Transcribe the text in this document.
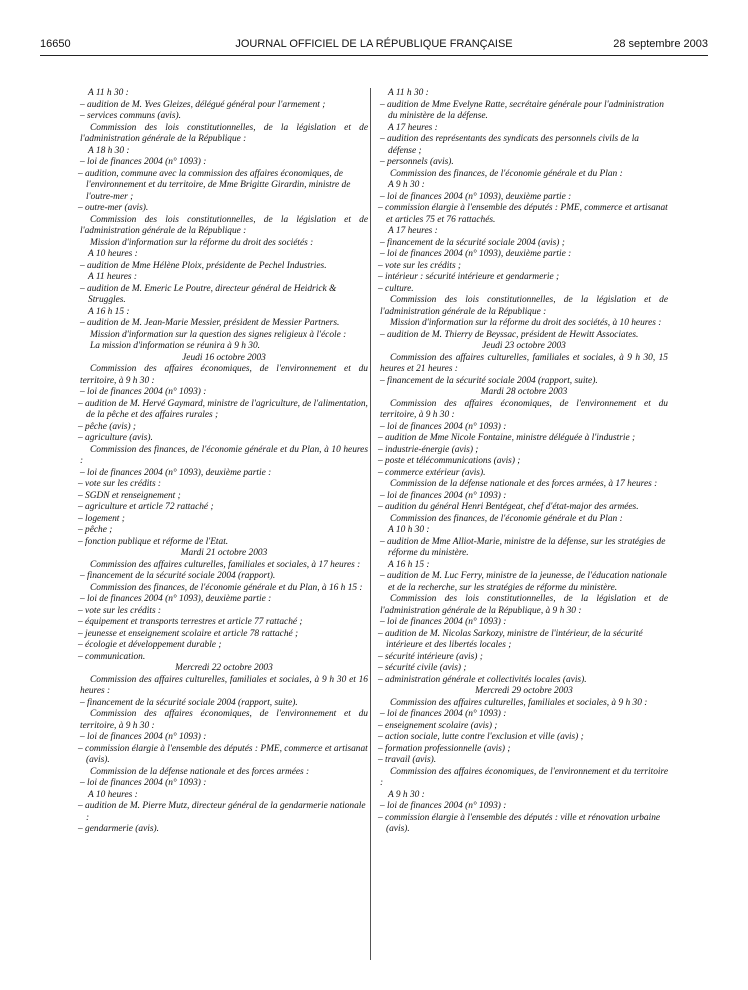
16650	JOURNAL OFFICIEL DE LA RÉPUBLIQUE FRANÇAISE	28 septembre 2003

A 11 h 30 :

– audition de M. Yves Gleizes, délégué général pour l'armement ;

– services communs (avis).

Commission des lois constitutionnelles, de la législation et de l'administration générale de la République :

A 18 h 30 :

– loi de finances 2004 (n° 1093) :

– audition, commune avec la commission des affaires économiques, de l'environnement et du territoire, de Mme Brigitte Girardin, ministre de l'outre-mer ;

– outre-mer (avis).

Commission des lois constitutionnelles, de la législation et de l'administration générale de la République :

Mission d'information sur la réforme du droit des sociétés :

A 10 heures :

– audition de Mme Hélène Ploix, présidente de Pechel Industries.

A 11 heures :

– audition de M. Emeric Le Poutre, directeur général de Heidrick & Struggles.

A 16 h 15 :

– audition de M. Jean-Marie Messier, président de Messier Partners.

Mission d'information sur la question des signes religieux à l'école :

La mission d'information se réunira à 9 h 30.

Jeudi 16 octobre 2003

Commission des affaires économiques, de l'environnement et du territoire, à 9 h 30 :

– loi de finances 2004 (n° 1093) :

– audition de M. Hervé Gaymard, ministre de l'agriculture, de l'alimentation, de la pêche et des affaires rurales ;

– pêche (avis) ;

– agriculture (avis).

Commission des finances, de l'économie générale et du Plan, à 10 heures :

– loi de finances 2004 (n° 1093), deuxième partie :

– vote sur les crédits :

– SGDN et renseignement ;

– agriculture et article 72 rattaché ;

– logement ;

– pêche ;

– fonction publique et réforme de l'Etat.

Mardi 21 octobre 2003

Commission des affaires culturelles, familiales et sociales, à 17 heures :

– financement de la sécurité sociale 2004 (rapport).

Commission des finances, de l'économie générale et du Plan, à 16 h 15 :

– loi de finances 2004 (n° 1093), deuxième partie :

– vote sur les crédits :

– équipement et transports terrestres et article 77 rattaché ;

– jeunesse et enseignement scolaire et article 78 rattaché ;

– écologie et développement durable ;

– communication.

Mercredi 22 octobre 2003

Commission des affaires culturelles, familiales et sociales, à 9 h 30 et 16 heures :

– financement de la sécurité sociale 2004 (rapport, suite).

Commission des affaires économiques, de l'environnement et du territoire, à 9 h 30 :

– loi de finances 2004 (n° 1093) :

– commission élargie à l'ensemble des députés : PME, commerce et artisanat (avis).

Commission de la défense nationale et des forces armées :

– loi de finances 2004 (n° 1093) :

A 10 heures :

– audition de M. Pierre Mutz, directeur général de la gendarmerie nationale :

– gendarmerie (avis).

A 11 h 30 :

– audition de Mme Evelyne Ratte, secrétaire générale pour l'administration du ministère de la défense.

A 17 heures :

– audition des représentants des syndicats des personnels civils de la défense ;

– personnels (avis).

Commission des finances, de l'économie générale et du Plan :

A 9 h 30 :

– loi de finances 2004 (n° 1093), deuxième partie :

– commission élargie à l'ensemble des députés : PME, commerce et artisanat et articles 75 et 76 rattachés.

A 17 heures :

– financement de la sécurité sociale 2004 (avis) ;

– loi de finances 2004 (n° 1093), deuxième partie :

– vote sur les crédits ;

– intérieur : sécurité intérieure et gendarmerie ;

– culture.

Commission des lois constitutionnelles, de la législation et de l'administration générale de la République :

Mission d'information sur la réforme du droit des sociétés, à 10 heures :

– audition de M. Thierry de Beyssac, président de Hewitt Associates.

Jeudi 23 octobre 2003

Commission des affaires culturelles, familiales et sociales, à 9 h 30, 15 heures et 21 heures :

– financement de la sécurité sociale 2004 (rapport, suite).

Mardi 28 octobre 2003

Commission des affaires économiques, de l'environnement et du territoire, à 9 h 30 :

– loi de finances 2004 (n° 1093) :

– audition de Mme Nicole Fontaine, ministre déléguée à l'industrie ;

– industrie-énergie (avis) ;

– poste et télécommunications (avis) ;

– commerce extérieur (avis).

Commission de la défense nationale et des forces armées, à 17 heures :

– loi de finances 2004 (n° 1093) :

– audition du général Henri Bentégeat, chef d'état-major des armées.

Commission des finances, de l'économie générale et du Plan :

A 10 h 30 :

– audition de Mme Alliot-Marie, ministre de la défense, sur les stratégies de réforme du ministère.

A 16 h 15 :

– audition de M. Luc Ferry, ministre de la jeunesse, de l'éducation nationale et de la recherche, sur les stratégies de réforme du ministère.

Commission des lois constitutionnelles, de la législation et de l'administration générale de la République, à 9 h 30 :

– loi de finances 2004 (n° 1093) :

– audition de M. Nicolas Sarkozy, ministre de l'intérieur, de la sécurité intérieure et des libertés locales ;

– sécurité intérieure (avis) ;

– sécurité civile (avis) ;

– administration générale et collectivités locales (avis).

Mercredi 29 octobre 2003

Commission des affaires culturelles, familiales et sociales, à 9 h 30 :

– loi de finances 2004 (n° 1093) :

– enseignement scolaire (avis) ;

– action sociale, lutte contre l'exclusion et ville (avis) ;

– formation professionnelle (avis) ;

– travail (avis).

Commission des affaires économiques, de l'environnement et du territoire :

A 9 h 30 :

– loi de finances 2004 (n° 1093) :

– commission élargie à l'ensemble des députés : ville et rénovation urbaine (avis).
